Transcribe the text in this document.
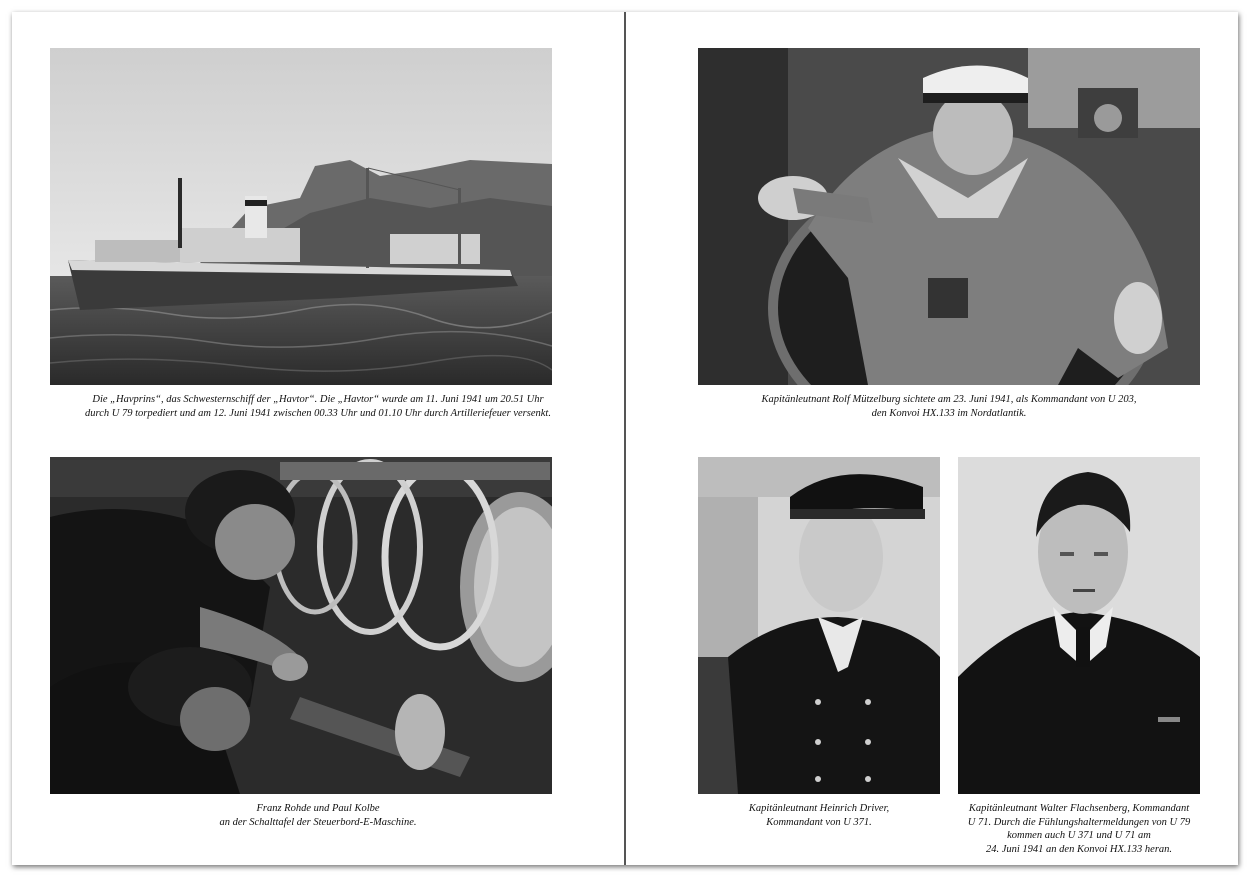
Die „Havprins“, das Schwesternschiff der „Havtor“. Die „Havtor“ wurde am 11. Juni 1941 um 20.51 Uhr
durch U 79 torpediert und am 12. Juni 1941 zwischen 00.33 Uhr und 01.10 Uhr durch Artilleriefeuer versenkt.
Franz Rohde und Paul Kolbe
an der Schalttafel der Steuerbord-E-Maschine.
Kapitänleutnant Rolf Mützelburg sichtete am 23. Juni 1941, als Kommandant von U 203,
den Konvoi HX.133 im Nordatlantik.
Kapitänleutnant Heinrich Driver,
Kommandant von U 371.
Kapitänleutnant Walter Flachsenberg, Kommandant
U 71. Durch die Fühlungshaltermeldungen von U 79
kommen auch U 371 und U 71 am
24. Juni 1941 an den Konvoi HX.133 heran.
